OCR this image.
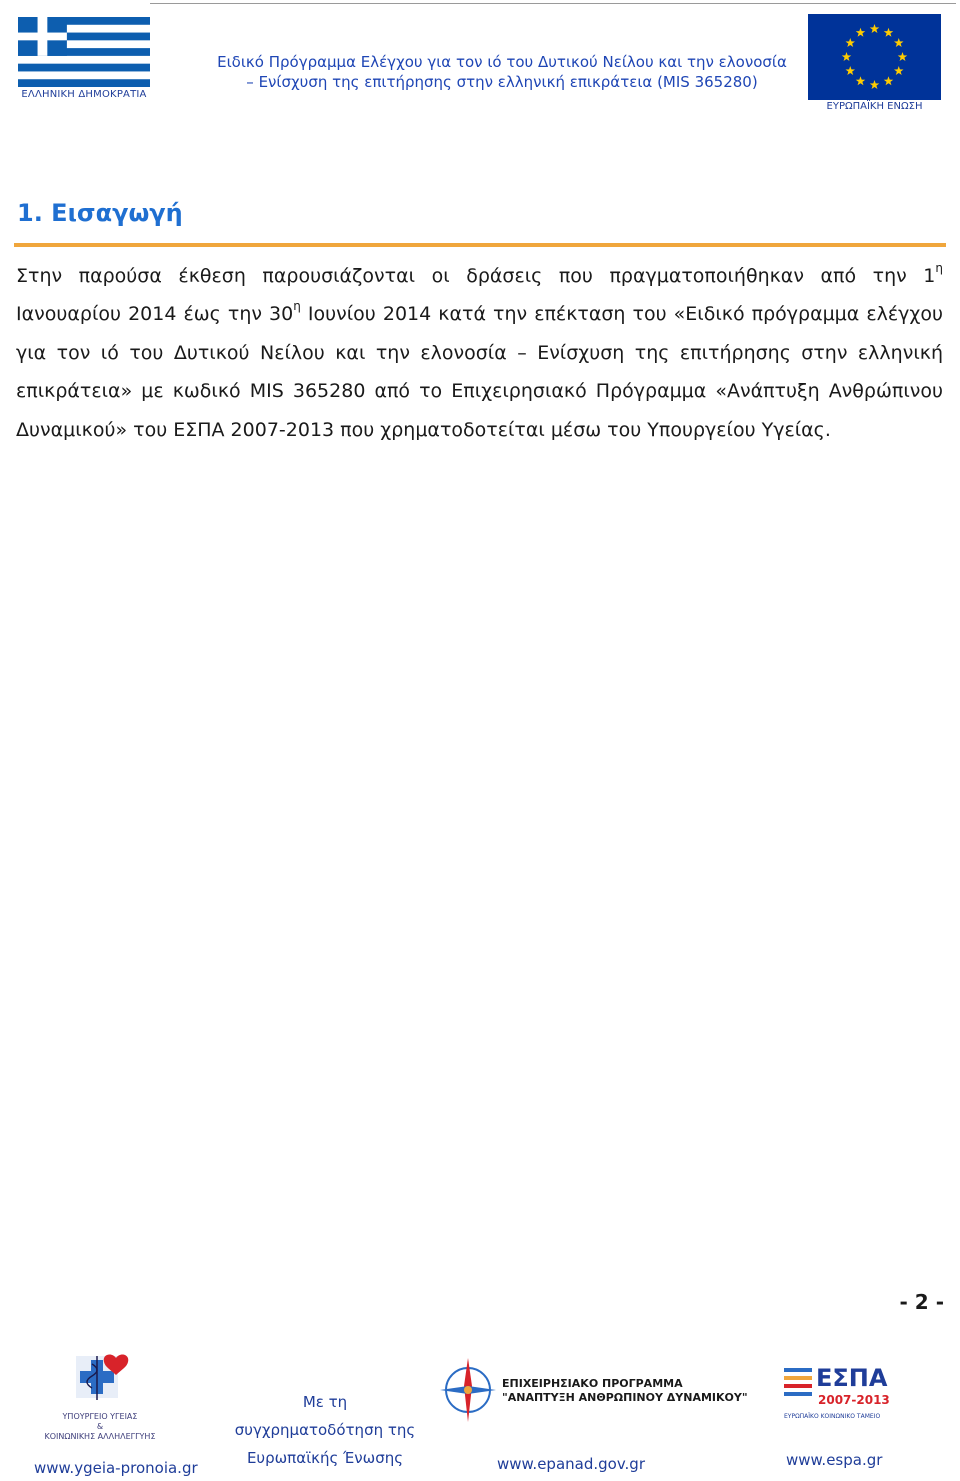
ΕΛΛΗΝΙΚΗ ΔΗΜΟΚΡΑΤΙΑ
Ειδικό Πρόγραμμα Ελέγχου για τον ιό του Δυτικού Νείλου και την ελονοσία
– Ενίσχυση της επιτήρησης στην ελληνική επικράτεια (MIS 365280)
ΕΥΡΩΠΑΪΚΗ ΕΝΩΣΗ
1. Εισαγωγή
Στην παρούσα έκθεση παρουσιάζονται οι δράσεις που πραγματοποιήθηκαν από την $1^\eta$ Ιανουαρίου 2014 έως την $30^\eta$ Ιουνίου 2014 κατά την επέκταση του «Ειδικό πρόγραμμα ελέγχου για τον ιό του Δυτικού Νείλου και την ελονοσία – Ενίσχυση της επιτήρησης στην ελληνική επικράτεια» με κωδικό MIS 365280 από το Επιχειρησιακό Πρόγραμμα «Ανάπτυξη Ανθρώπινου Δυναμικού» του ΕΣΠΑ 2007-2013 που χρηματοδοτείται μέσω του Υπουργείου Υγείας.
- 2 -
ΥΠΟΥΡΓΕΙΟ ΥΓΕΙΑΣ
&
ΚΟΙΝΩΝΙΚΗΣ ΑΛΛΗΛΕΓΓΥΗΣ
www.ygeia-pronoia.gr
Με τη
συγχρηματοδότηση της
Ευρωπαϊκής Ένωσης
ΕΠΙΧΕΙΡΗΣΙΑΚΟ ΠΡΟΓΡΑΜΜΑ
"ΑΝΑΠΤΥΞΗ ΑΝΘΡΩΠΙΝΟΥ ΔΥΝΑΜΙΚΟΥ"
www.epanad.gov.gr
ΕΣΠΑ
2007-2013
ΕΥΡΩΠΑΪΚΟ ΚΟΙΝΩΝΙΚΟ ΤΑΜΕΙΟ
www.espa.gr
